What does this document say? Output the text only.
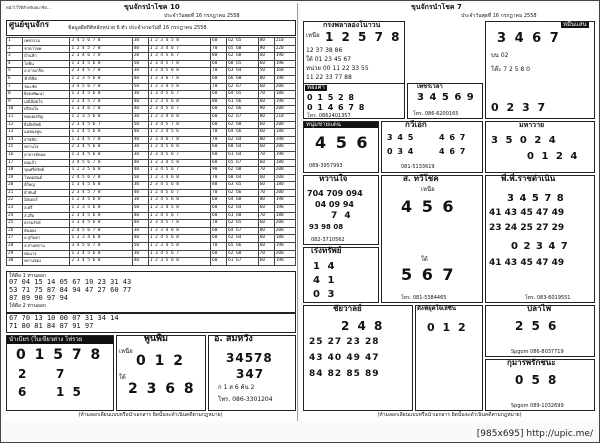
หน้าไว้ใช้สำหรับสมาชิก...	ขุนจักรนำโชค 10
ประจำวันพุธที่ 16 กรกฎาคม 2558
ศูนย์ขุนจักร	ข้อมูลผีสถิติหลักหน่วย 6 ตัว ประจำงวดวันที่ 16 กรกฎาคม 2558
1	เพชรรวม	3 4 5 6 7 8	30	1 2 3 4 5 8	60	62 65	80	210
2	ชาตาโชค	1 2 4 5 7 8	40	1 2 3 4 6 7	70	65 68	90	220
3	บ้านฟ้า	2 3 4 6 7 8	20	1 3 4 5 6 7	80	62 68	60	190
4	โยธิน	1 3 4 5 6 8	50	2 3 4 5 7 8	60	60 65	60	190
5	ส.ปากเกร็ด	2 3 4 5 7 8	30	1 2 4 5 6 8	70	63 64	50	160
6	ฟ้าลิขิต	1 2 3 5 6 8	40	1 2 3 6 7 8	60	66 68	80	190
7	ชนะชัย	3 4 5 6 7 8	50	1 2 3 4 5 8	70	62 67	60	200
8	ผิงหงพัฒนา	1 2 4 5 6 8	30	1 3 4 5 6 7	60	64 65	70	180
9	มณีมีมัดใจ	2 3 4 5 7 8	40	1 2 3 5 6 8	80	61 66	60	190
10	ศรีสมใจ	1 3 4 6 7 8	40	2 3 4 5 6 7	60	62 66	90	200
11	พลอยเจริญ	1 2 3 5 6 8	30	1 2 3 4 6 8	60	62 67	80	210
12	ยิ่งมีทรัพย์	2 3 4 5 6 7	50	1 3 4 5 7 8	60	62 68	60	200
13	แม่ทองพูน	1 2 4 5 6 8	40	1 2 3 4 5 6	70	64 66	60	180
14	ธวัชชัย	1 3 4 5 7 8	40	2 3 4 6 7 8	70	62 64	80	190
15	พรานโจ	2 3 4 5 6 8	30	1 2 4 5 6 8	60	60 64	60	200
16	อาจารย์หมอ	1 2 4 5 6 8	30	2 3 4 5 6 7	60	61 64	70	190
17	ฝนแก้ว	3 4 5 6 7 8	40	1 2 3 4 5 8	60	65 67	60	180
18	ขุนศรีทรัพย์	1 2 3 5 6 8	40	1 3 4 5 6 7	90	62 68	70	200
19	โชคอนันต์	2 4 5 6 7 8	50	1 2 3 4 6 8	70	60 64	60	200
20	ดีใหญ่	1 3 4 5 6 8	30	2 3 4 5 6 8	80	63 65	60	180
21	ผ้ายันต์	2 3 4 5 7 8	40	1 2 4 5 6 7	70	62 66	70	200
22	มิสเตอร์	1 2 4 5 6 8	30	1 3 4 5 6 8	60	64 68	80	190
23	ส.ศรี	1 2 3 5 6 8	50	1 2 3 4 5 8	60	62 64	60	190
24	ส.เสือ	2 3 4 5 6 8	40	1 2 4 5 6 7	60	61 68	70	180
25	ธรรมรักษ์	1 3 4 5 6 8	40	2 3 4 5 7 8	70	62 65	60	200
26	ตันหยง	2 4 5 6 7 8	30	1 2 3 4 6 8	60	64 67	80	200
27	อ.สุกันตา	1 2 3 4 6 8	40	1 2 4 5 6 8	60	62 64	60	180
28	ส.สามพราน	3 4 5 6 7 8	50	1 2 3 4 5 8	70	65 66	60	190
29	พ่อนาจ	1 2 4 5 6 8	30	1 3 4 5 6 7	60	62 68	70	200
30	พรานช่อง	2 3 4 5 6 8	40	1 2 3 5 6 8	60	61 67	60	190
ให้ดีอ 1 ท่านออก
07 04 15 14 05 67 10 23 31 43
53 71 75 87 84 94 47 27 60 77
87 89 90 97 94
ให้ดีอ 2 ท่านออก
67 70 13 10 00 07 31 34 14
71 80 81 84 87 91 97
นำเบียร (ใบเขียวต่าง ไห่รวย
0 1 5 7 8
2 7
6 1 5
พูนพิม
เหนือ
0 1 2
ใต้
2 3 6 8
อ. สมหวัง
34578
347
ก 1 ส 6 ค้น 2
โทร. 086-3301204
(ห้ามลอกเลียนแบบหรือนำเอกสาร ผิดนั้นจะดำเนินคดีตามกฎหมาย)
ขุนจักรนำโชค 7
ประจำวันพุธที่ 16 กรกฎาคม 2558
กรงพลาลอ่งโนาวน
เหนือ 1 2 5 7 8
12 37 38 86
ใต้ 01 23 45 67
หน่วย 00 11 22 33 55
11 22 33 77 88
ทองคำ
0 1 5 2 8
0 1 4 6 7 8
โทร. 0862401357
เพชรเวลา
3 4 5 6 9
โทร. 086-6200165
หมื่นแสน
3 4 6 7
บน 02
โต๊ะ 7 2 5 8 0
0 2 3 7
หนุ่มชายแดน
4 5 6
089-3957993
กวีเอก
3 4 5	4 6 7
0 3 4	4 6 7
081-5133619
มหาวาย
3 5 0 2 4
0 1 2 4
หวานใจ
704 709 094
04 09 94
7 4
93 98 08
082-3710562
ส. ทวีโชค
เหนือ
4 5 6
ใต้
5 6 7
โทร. 081-5384465
พี่.พี่.ราชดำเนิน
3 4 5 7 8
41 43 45 47 49
23 24 25 27 29
0 2 3 4 7
41 43 45 47 49
โทร. 083-6019551
เร่งทรัพย์
1 4
4 1
0 3
ชัยวาลย์
2 4 8
25 27 23 28
43 40 49 47
84 82 85 89
ตังฟ้ยุคใจเล่ซิน
0 1 2
ปลาไฟ
2 5 6
Spgom 086-8037719
กุมารพรักชนะ
0 5 8
Spgom 089-1032699
(ห้ามลอกเลียนแบบหรือนำเอกสาร ผิดนั้นจะดำเนินคดีตามกฎหมาย)
[985x695] http://upic.me/
